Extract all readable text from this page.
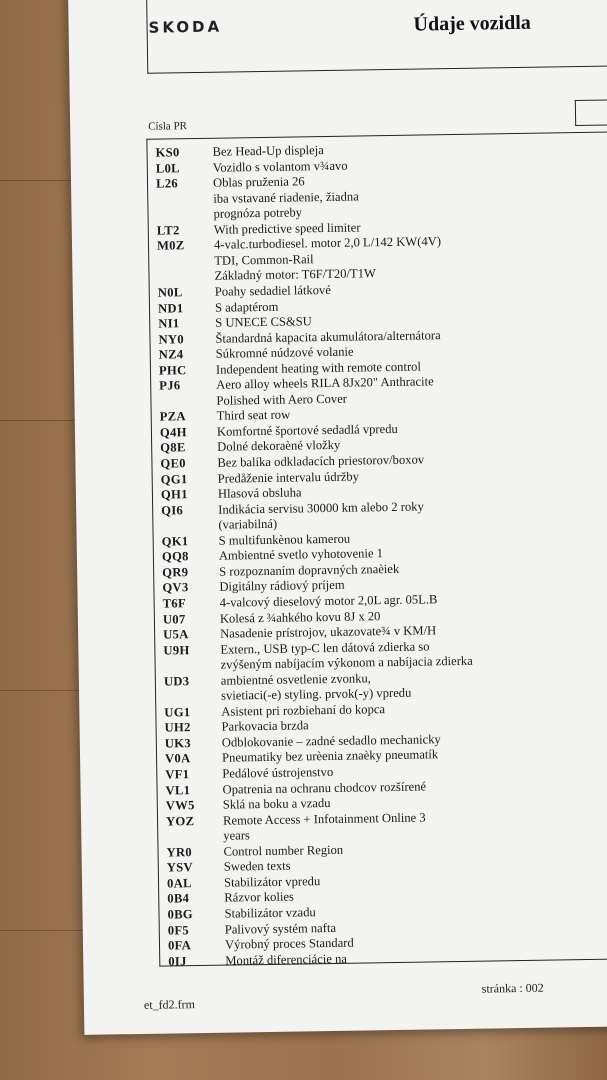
SKODA	Údaje vozidla
Císla PR
KS0	Bez Head-Up displeja
L0L	Vozidlo s volantom v¾avo
L26	Oblas pruženia 26
iba vstavané riadenie, žiadna
prognóza potreby
LT2	With predictive speed limiter
M0Z 4-valc.turbodiesel. motor 2,0 L/142 KW(4V)
TDI, Common-Rail
Základný motor: T6F/T20/T1W
N0L	Poahy sedadiel látkové
ND1 S adaptérom
NI1	S UNECE CS&SU
NY0 Štandardná kapacita akumulátora/alternátora
NZ4	Súkromné núdzové volanie
PHC Independent heating with remote control
PJ6	Aero alloy wheels RILA 8Jx20" Anthracite
Polished with Aero Cover
PZA Third seat row
Q4H Komfortné športové sedadlá vpredu
Q8E Dolné dekoraèné vložky
QE0 Bez balíka odkladacích priestorov/boxov
QG1 Predåženie intervalu údržby
QH1 Hlasová obsluha
QI6	Indikácia servisu 30000 km alebo 2 roky
(variabilná)
QK1 S multifunkènou kamerou
QQ8 Ambientné svetlo vyhotovenie 1
QR9 S rozpoznaním dopravných znaèiek
QV3 Digitálny rádiový príjem
T6F	4-valcový dieselový motor 2,0L agr. 05L.B
U07	Kolesá z ¾ahkého kovu 8J x 20
U5A Nasadenie prístrojov, ukazovate¾ v KM/H
U9H Extern., USB typ-C len dátová zdierka so
zvýšeným nabíjacím výkonom a nabíjacia zdierka
UD3 ambientné osvetlenie zvonku,
svietiaci(-e) styling. prvok(-y) vpredu
UG1 Asistent pri rozbiehaní do kopca
UH2 Parkovacia brzda
UK3 Odblokovanie – zadné sedadlo mechanicky
V0A Pneumatiky bez urèenia znaèky pneumatík
VF1	Pedálové ústrojenstvo
VL1	Opatrenia na ochranu chodcov rozšírené
VW5 Sklá na boku a vzadu
YOZ Remote Access + Infotainment Online 3
years
YR0 Control number Region
YSV Sweden texts
0AL	Stabilizátor vpredu
0B4	Rázvor kolies
0BG Stabilizátor vzadu
0F5	Palivový systém nafta
0FA	Výrobný proces Standard
0IJ	Montáž diferenciácie na
stránka : 002
et_fd2.frm
